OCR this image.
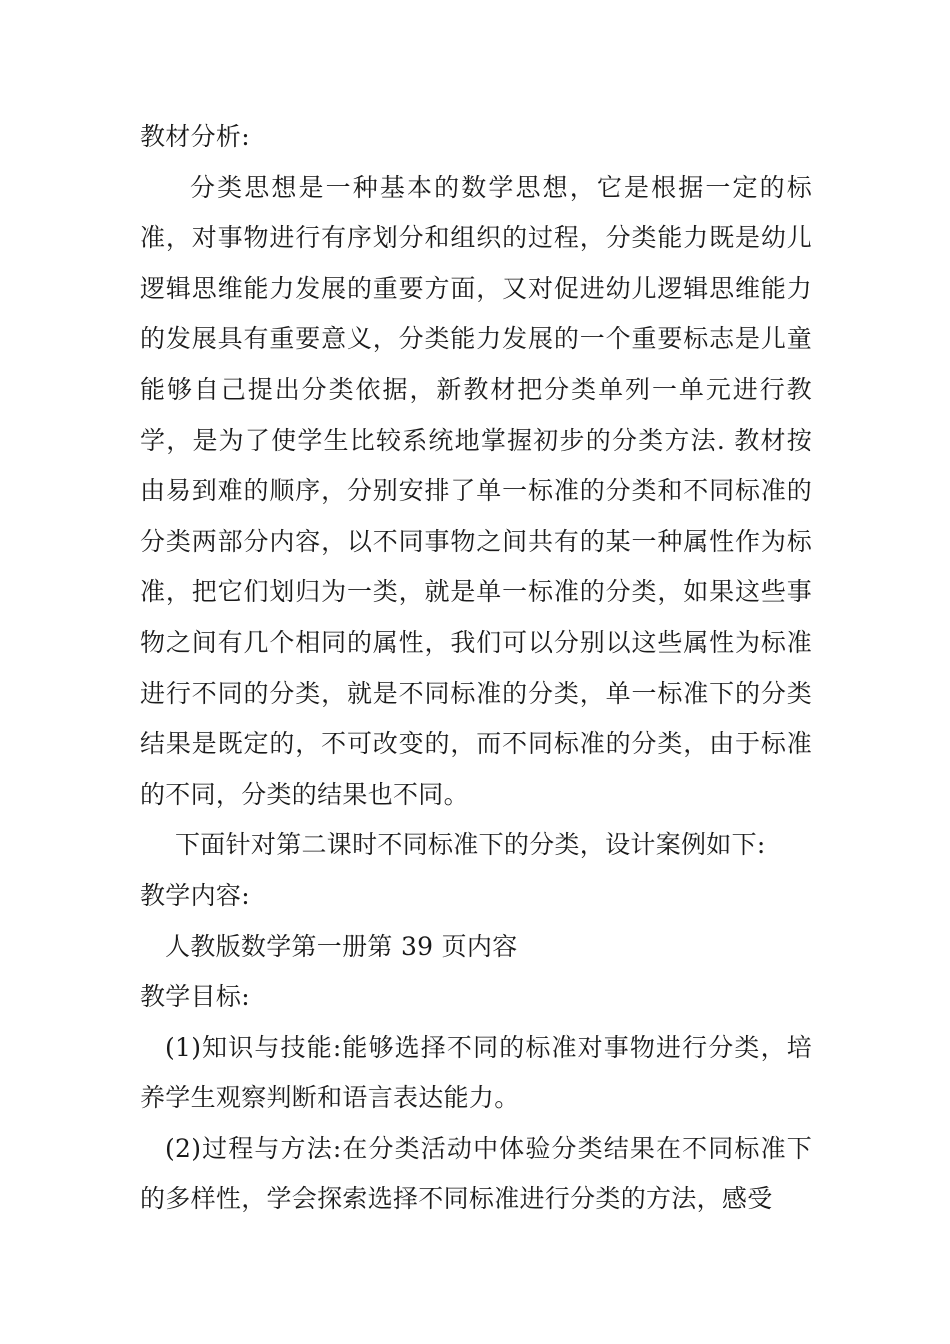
教材分析:

分类思想是一种基本的数学思想，它是根据一定的标准，对事物进行有序划分和组织的过程，分类能力既是幼儿逻辑思维能力发展的重要方面，又对促进幼儿逻辑思维能力的发展具有重要意义，分类能力发展的一个重要标志是儿童能够自己提出分类依据，新教材把分类单列一单元进行教学，是为了使学生比较系统地掌握初步的分类方法. 教材按由易到难的顺序，分别安排了单一标准的分类和不同标准的分类两部分内容，以不同事物之间共有的某一种属性作为标准，把它们划归为一类，就是单一标准的分类，如果这些事物之间有几个相同的属性，我们可以分别以这些属性为标准进行不同的分类，就是不同标准的分类，单一标准下的分类结果是既定的，不可改变的，而不同标准的分类，由于标准的不同，分类的结果也不同。

下面针对第二课时不同标准下的分类，设计案例如下:

教学内容:

人教版数学第一册第 39 页内容

教学目标:

(1)知识与技能:能够选择不同的标准对事物进行分类，培养学生观察判断和语言表达能力。

(2)过程与方法:在分类活动中体验分类结果在不同标准下的多样性，学会探索选择不同标准进行分类的方法，感受
